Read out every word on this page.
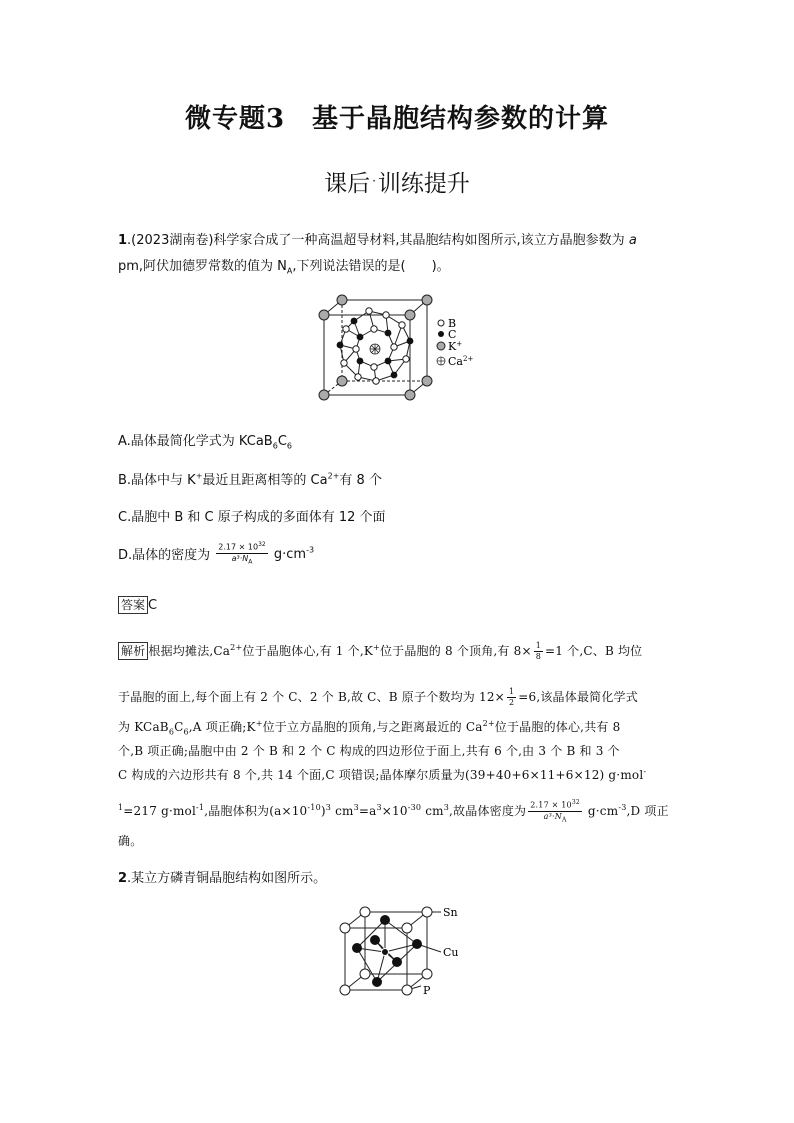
微专题3　基于晶胞结构参数的计算
课后 ·训练提升
1.(2023湖南卷)科学家合成了一种高温超导材料,其晶胞结构如图所示,该立方晶胞参数为 a
pm,阿伏加德罗常数的值为 $N_A$,下列说法错误的是(　　)。
B
C
K+
$Ca^{2+}$
A.晶体最简化学式为 $KCaB_6C_6$
B.晶体中与 K+最近且距离相等的 $Ca^{2+}$有 8 个
C.晶胞中 B 和 C 原子构成的多面体有 12 个面
D.晶体的密度为 $\frac{2.17 \times 10^{32}}{a^3\cdot N_A} g\cdot cm^{-3}$
答案 C
解析 根据均摊法$,Ca^{2+}$位于晶胞体心,有 1 个,K+位于晶胞的 8 个顶角,有 $8\times \frac{1}{8} =1$ 个,C、B 均位
于晶胞的面上,每个面上有 2 个 C、2 个 B,故 C、B 原子个数均为 $12\times \frac{1}{2} =6$,该晶体最简化学式
为 $KCaB_6C_6,A$ 项正确;K+位于立方晶胞的顶角,与之距离最近的 $Ca^{2+}$位于晶胞的体心,共有 8
个,B 项正确;晶胞中由 2 个 B 和 2 个 C 构成的四边形位于面上,共有 6 个,由 3 个 B 和 3 个
C 构成的六边形共有 8 个,共 14 个面,C 项错误;晶体摩尔质量为(39+40+6×11+6×12) g·mol-
$^1$=217 g·mol$^{-1}$,晶胞体积为$(a\times 10^{-10})^3$ $cm^3=a^3\times 10^{-30}$ $cm^3$,故晶体密度为 $\frac{2.17 \times 10^{32}}{a^3\cdot N_A} g\cdot cm^{-3},D$ 项正
确。
2.某立方磷青铜晶胞结构如图所示。
Sn
Cu
P
